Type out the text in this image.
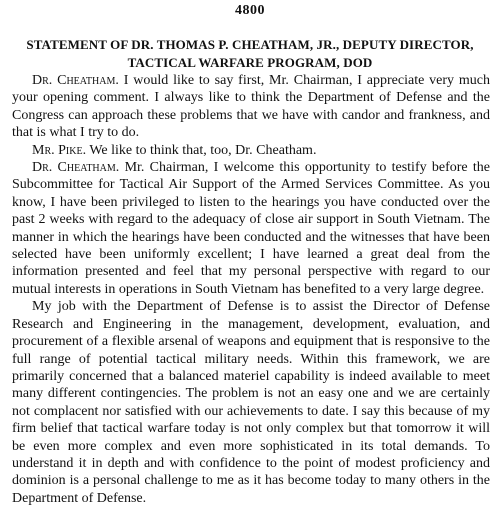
4800
STATEMENT OF DR. THOMAS P. CHEATHAM, JR., DEPUTY DIRECTOR,
TACTICAL WARFARE PROGRAM, DOD

Dr. Cheatham. I would like to say first, Mr. Chairman, I appreciate very much your opening comment. I always like to think the Department of Defense and the Congress can approach these problems that we have with candor and frankness, and that is what I try to do.

Mr. Pike. We like to think that, too, Dr. Cheatham.

Dr. Cheatham. Mr. Chairman, I welcome this opportunity to testify before the Subcommittee for Tactical Air Support of the Armed Services Committee. As you know, I have been privileged to listen to the hearings you have conducted over the past 2 weeks with regard to the adequacy of close air support in South Vietnam. The manner in which the hearings have been conducted and the witnesses that have been selected have been uniformly excellent; I have learned a great deal from the information presented and feel that my personal perspective with regard to our mutual interests in operations in South Vietnam has benefited to a very large degree.

My job with the Department of Defense is to assist the Director of Defense Research and Engineering in the management, development, evaluation, and procurement of a flexible arsenal of weapons and equipment that is responsive to the full range of potential tactical military needs. Within this framework, we are primarily concerned that a balanced materiel capability is indeed available to meet many different contingencies. The problem is not an easy one and we are certainly not complacent nor satisfied with our achievements to date. I say this because of my firm belief that tactical warfare today is not only complex but that tomorrow it will be even more complex and even more sophisticated in its total demands. To understand it in depth and with confidence to the point of modest proficiency and dominion is a personal challenge to me as it has become today to many others in the Department of Defense.
